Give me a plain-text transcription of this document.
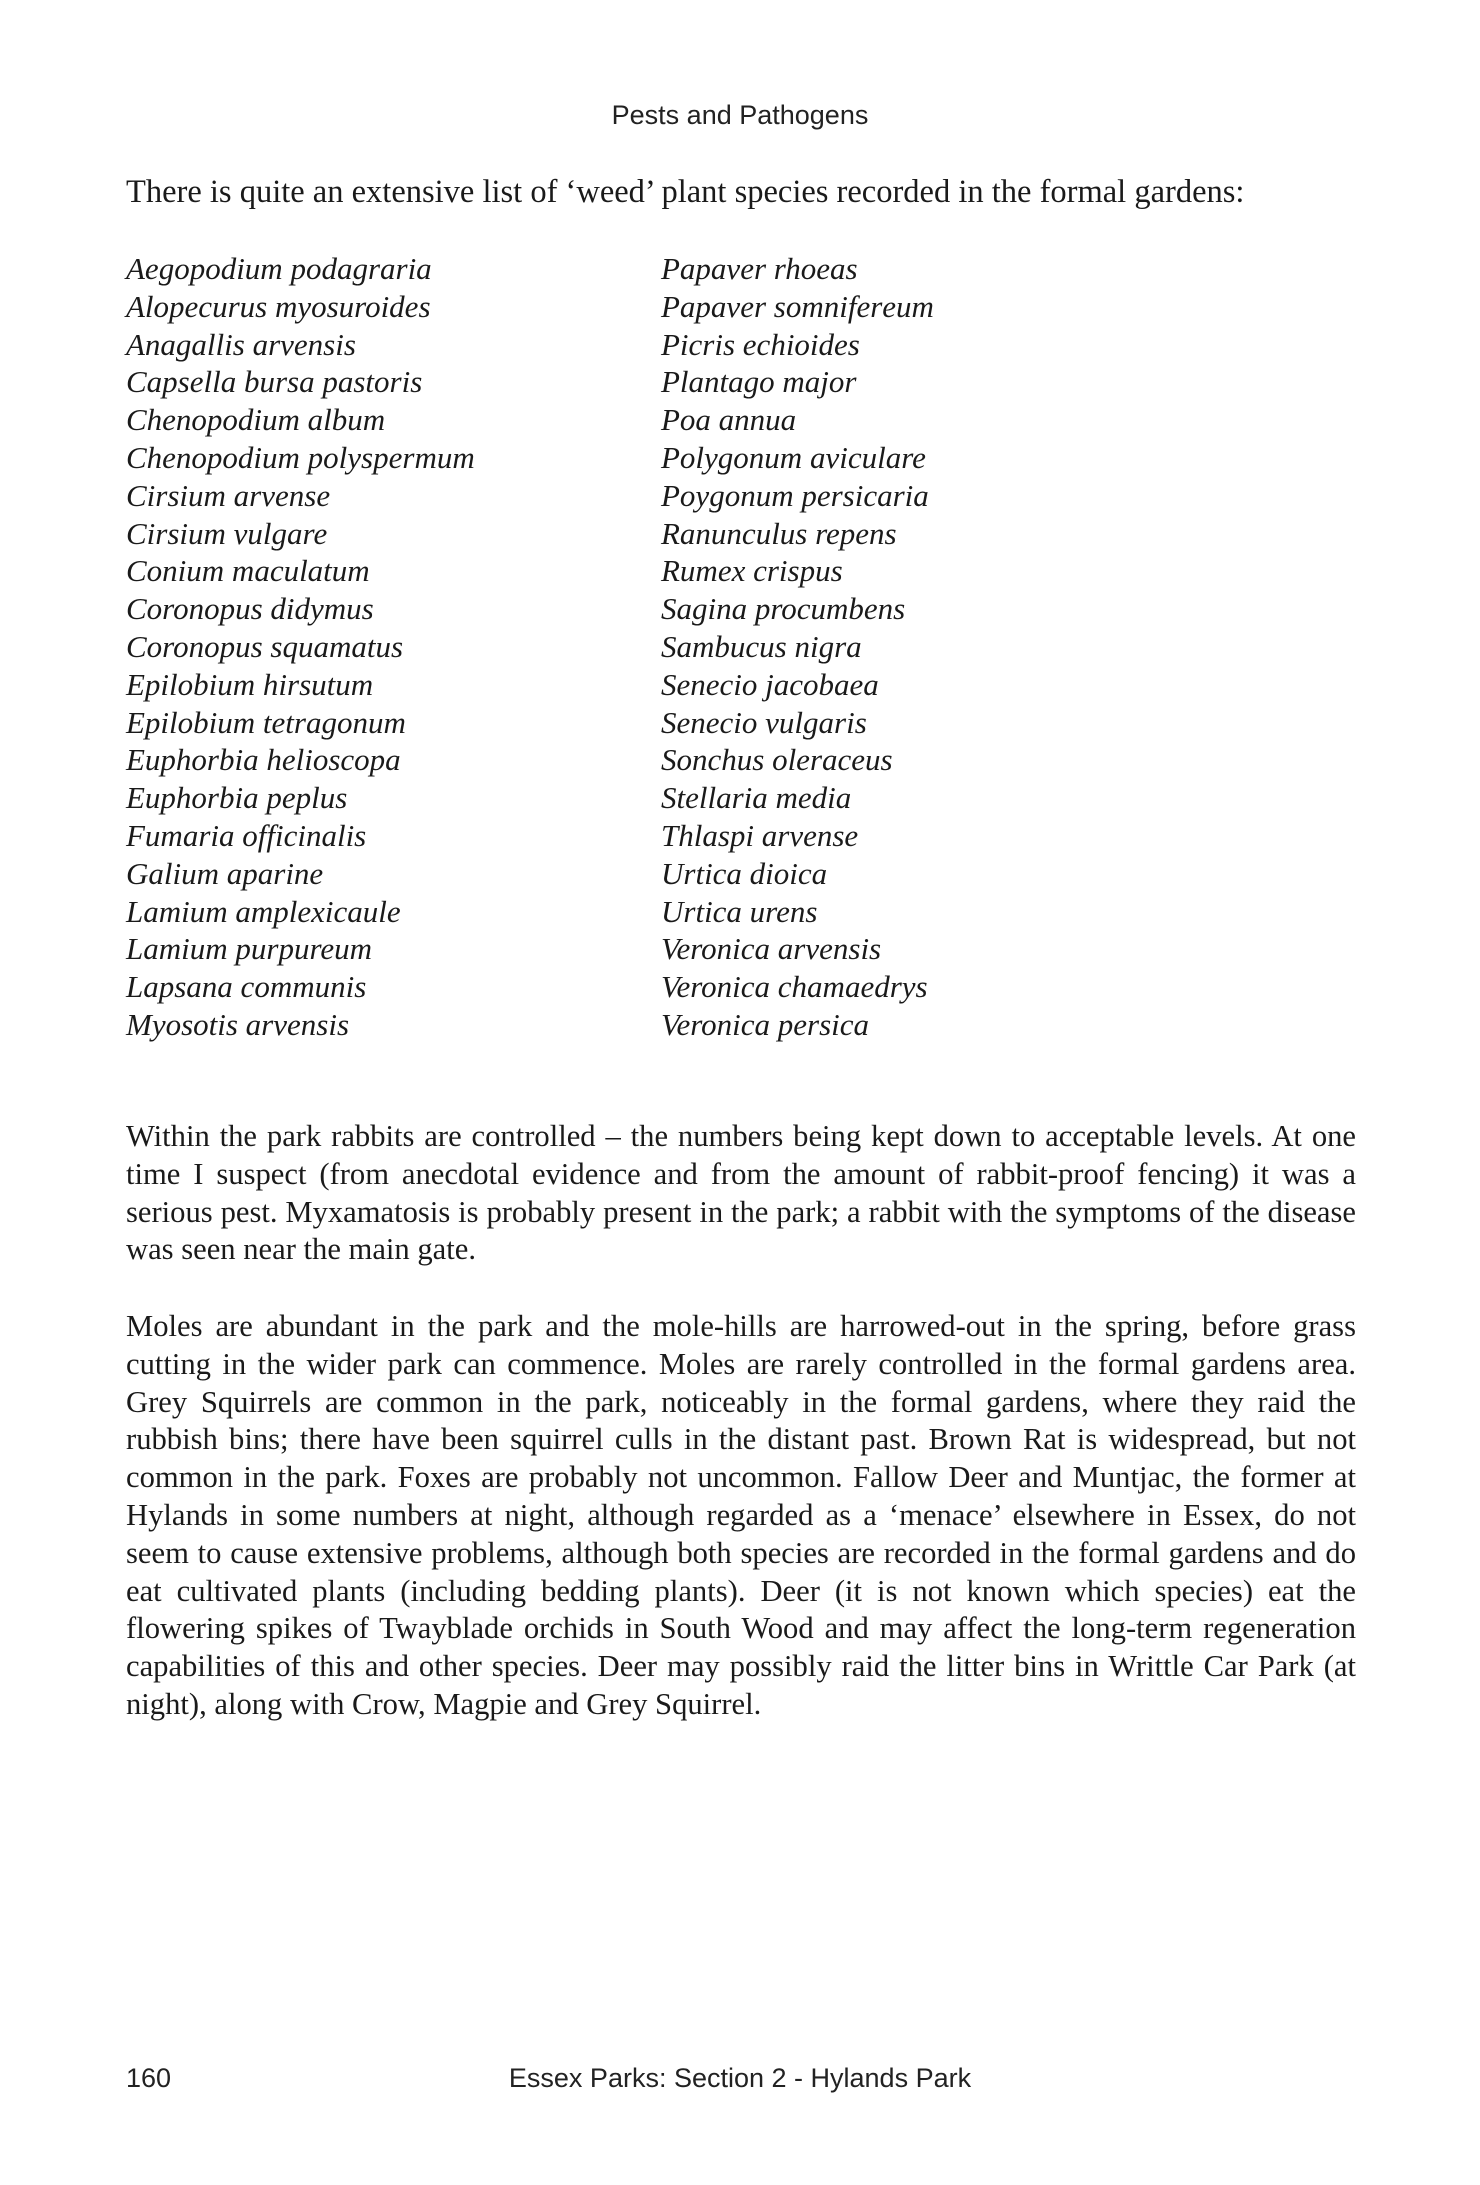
Pests and Pathogens
There is quite an extensive list of ‘weed’ plant species recorded in the formal gardens:
Aegopodium podagraria
Alopecurus myosuroides
Anagallis arvensis
Capsella bursa pastoris
Chenopodium album
Chenopodium polyspermum
Cirsium arvense
Cirsium vulgare
Conium maculatum
Coronopus didymus
Coronopus squamatus
Epilobium hirsutum
Epilobium tetragonum
Euphorbia helioscopa
Euphorbia peplus
Fumaria officinalis
Galium aparine
Lamium amplexicaule
Lamium purpureum
Lapsana communis
Myosotis arvensis
Papaver rhoeas
Papaver somniferеum
Picris echioides
Plantago major
Poa annua
Polygonum aviculare
Poygonum persicaria
Ranunculus repens
Rumex crispus
Sagina procumbens
Sambucus nigra
Senecio jacobaea
Senecio vulgaris
Sonchus oleraceus
Stellaria media
Thlaspi arvense
Urtica dioica
Urtica urens
Veronica arvensis
Veronica chamaedrys
Veronica persica

Within the park rabbits are controlled – the numbers being kept down to acceptable levels. At one time I suspect (from anecdotal evidence and from the amount of rabbit-proof fencing) it was a serious pest. Myxamatosis is probably present in the park; a rabbit with the symptoms of the disease was seen near the main gate.

Moles are abundant in the park and the mole-hills are harrowed-out in the spring, before grass cutting in the wider park can commence. Moles are rarely controlled in the formal gardens area. Grey Squirrels are common in the park, noticeably in the formal gardens, where they raid the rubbish bins; there have been squirrel culls in the distant past. Brown Rat is widespread, but not common in the park. Foxes are probably not uncommon. Fallow Deer and Muntjac, the former at Hylands in some numbers at night, although regarded as a ‘menace’ elsewhere in Essex, do not seem to cause extensive problems, although both species are recorded in the formal gardens and do eat cultivated plants (including bedding plants). Deer (it is not known which species) eat the flowering spikes of Twayblade orchids in South Wood and may affect the long-term regeneration capabilities of this and other species. Deer may possibly raid the litter bins in Writtle Car Park (at night), along with Crow, Magpie and Grey Squirrel.

160	Essex Parks: Section 2 - Hylands Park
